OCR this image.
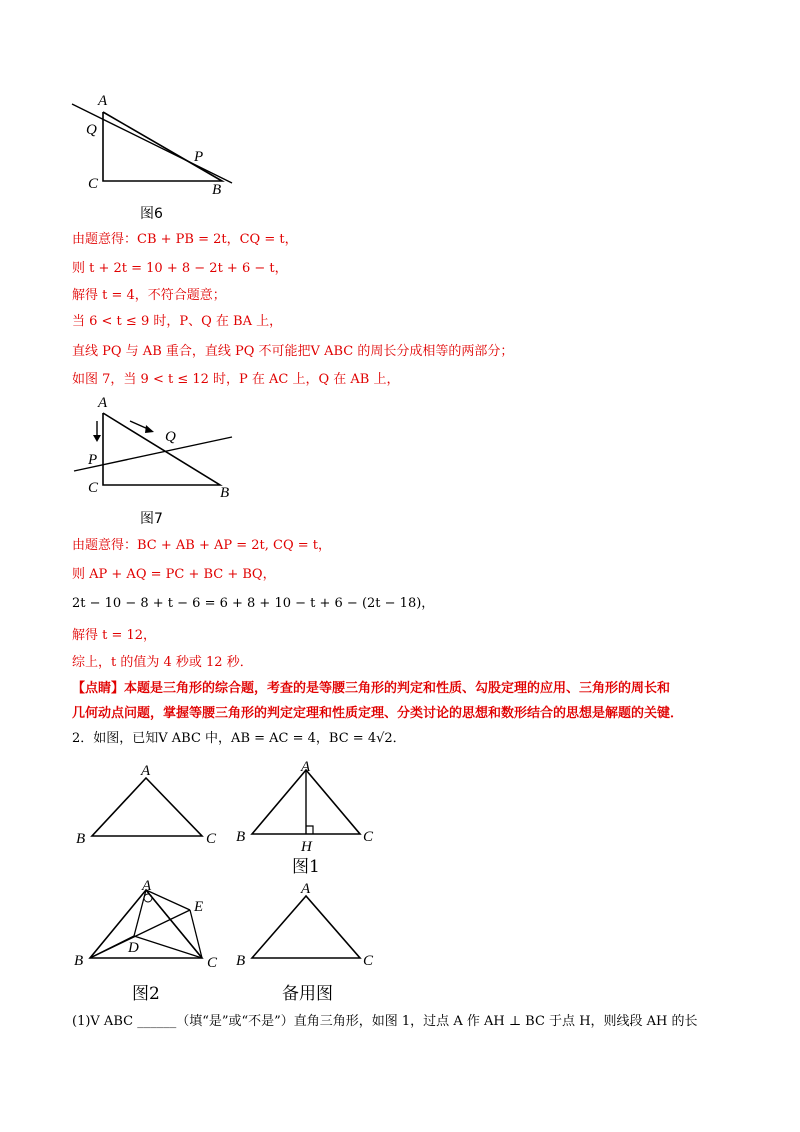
A
Q
P
C	B
图6
由题意得：CB + PB = 2t，CQ = t，
则 t + 2t = 10 + 8 − 2t + 6 − t，
解得 t = 4，不符合题意；
当 6 < t ≤ 9 时，P、Q 在 BA 上，
直线 PQ 与 AB 重合，直线 PQ 不可能把V ABC 的周长分成相等的两部分；
如图 7，当 9 < t ≤ 12 时，P 在 AC 上，Q 在 AB 上，
A
Q
P
C	B
图7
由题意得：BC + AB + AP = 2t, CQ = t，
则 AP + AQ = PC + BC + BQ，
2t − 10 − 8 + t − 6 = 6 + 8 + 10 − t + 6 − (2t − 18)，
解得 t = 12，
综上，t 的值为 4 秒或 12 秒．
【点睛】本题是三角形的综合题，考查的是等腰三角形的判定和性质、勾股定理的应用、三角形的周长和
几何动点问题，掌握等腰三角形的判定定理和性质定理、分类讨论的思想和数形结合的思想是解题的关键．
2．如图，已知V ABC 中，AB = AC = 4，BC = 4√2．
A
B	C
A
B	C
H
图1
A
B	C
D
E
图2
A
B	C
备用图
(1)V ABC ______（填“是”或“不是”）直角三角形，如图 1，过点 A 作 AH ⊥ BC 于点 H，则线段 AH 的长
